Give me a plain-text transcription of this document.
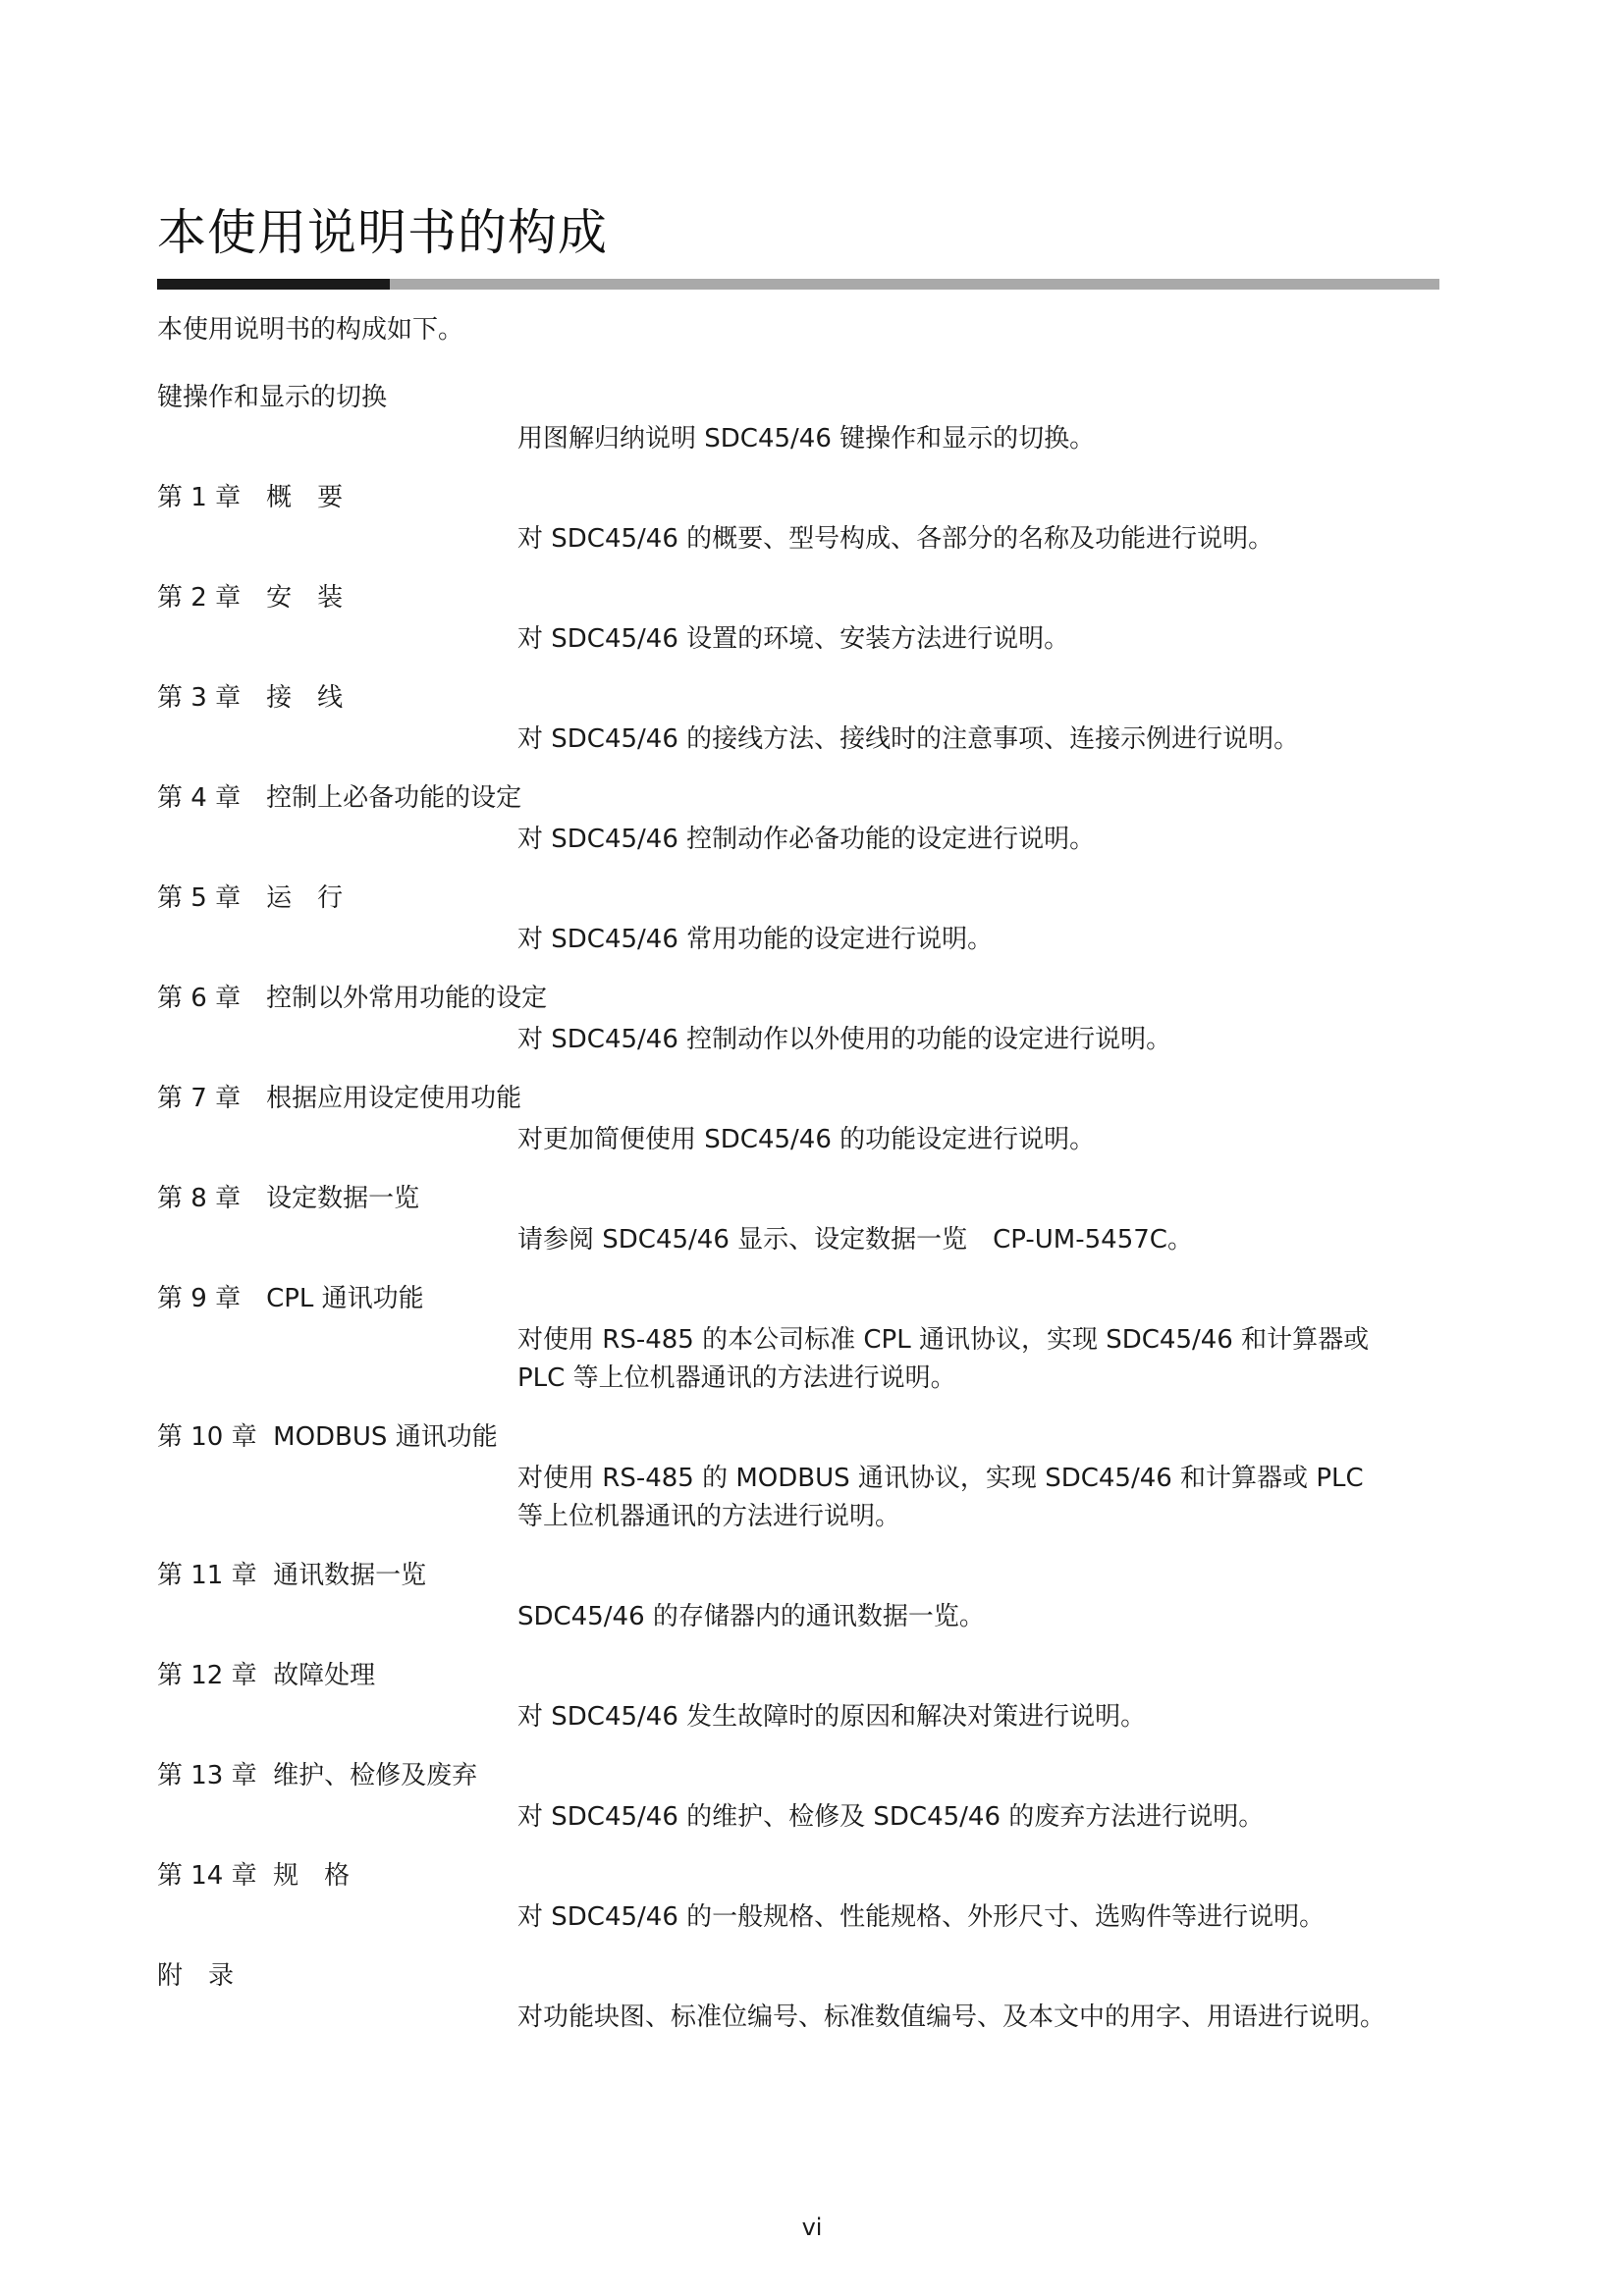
本使用说明书的构成

本使用说明书的构成如下。

键操作和显示的切换
用图解归纳说明 SDC45/46 键操作和显示的切换。
第 1 章　概　要
对 SDC45/46 的概要、型号构成、各部分的名称及功能进行说明。
第 2 章　安　装
对 SDC45/46 设置的环境、安装方法进行说明。
第 3 章　接　线
对 SDC45/46 的接线方法、接线时的注意事项、连接示例进行说明。
第 4 章　控制上必备功能的设定
对 SDC45/46 控制动作必备功能的设定进行说明。
第 5 章　运　行
对 SDC45/46 常用功能的设定进行说明。
第 6 章　控制以外常用功能的设定
对 SDC45/46 控制动作以外使用的功能的设定进行说明。
第 7 章　根据应用设定使用功能
对更加简便使用 SDC45/46 的功能设定进行说明。
第 8 章　设定数据一览
请参阅 SDC45/46 显示、设定数据一览　CP-UM-5457C。
第 9 章　CPL 通讯功能
对使用 RS-485 的本公司标准 CPL 通讯协议，实现 SDC45/46 和计算器或
PLC 等上位机器通讯的方法进行说明。
第 10 章  MODBUS 通讯功能
对使用 RS-485 的 MODBUS 通讯协议，实现 SDC45/46 和计算器或 PLC
等上位机器通讯的方法进行说明。
第 11 章  通讯数据一览
SDC45/46 的存储器内的通讯数据一览。
第 12 章  故障处理
对 SDC45/46 发生故障时的原因和解决对策进行说明。
第 13 章  维护、检修及废弃
对 SDC45/46 的维护、检修及 SDC45/46 的废弃方法进行说明。
第 14 章  规　格
对 SDC45/46 的一般规格、性能规格、外形尺寸、选购件等进行说明。
附　录
对功能块图、标准位编号、标准数值编号、及本文中的用字、用语进行说明。
vi
